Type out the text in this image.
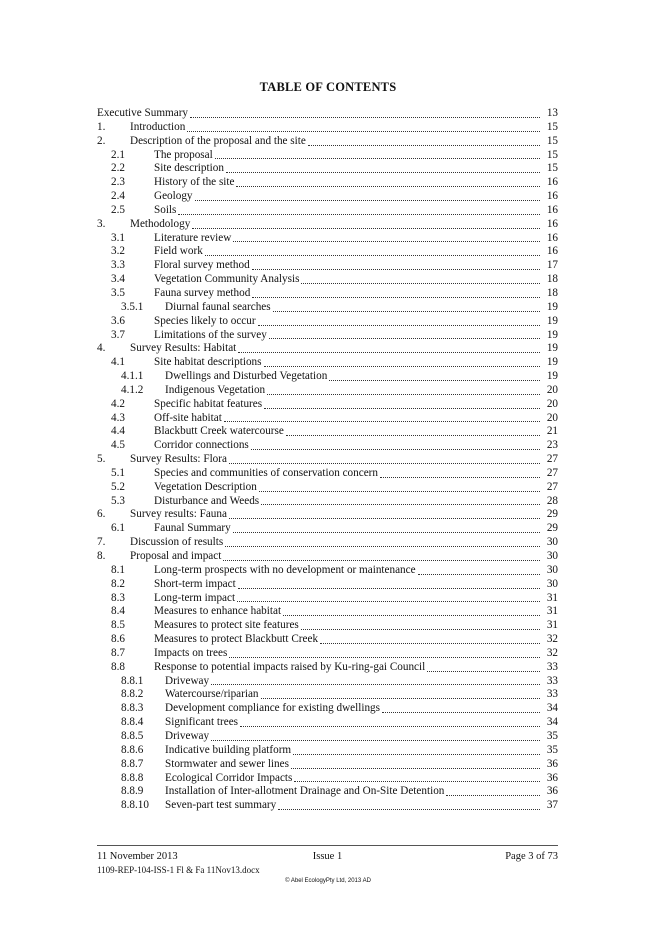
TABLE OF CONTENTS
Executive Summary	13
1.	Introduction	15
2.	Description of the proposal and the site	15
2.1	The proposal	15
2.2	Site description	15
2.3	History of the site	16
2.4	Geology	16
2.5	Soils	16
3.	Methodology	16
3.1	Literature review	16
3.2	Field work	16
3.3	Floral survey method	17
3.4	Vegetation Community Analysis	18
3.5	Fauna survey method	18
3.5.1	Diurnal faunal searches	19
3.6	Species likely to occur	19
3.7	Limitations of the survey	19
4.	Survey Results: Habitat	19
4.1	Site habitat descriptions	19
4.1.1	Dwellings and Disturbed Vegetation	19
4.1.2	Indigenous Vegetation	20
4.2	Specific habitat features	20
4.3	Off-site habitat	20
4.4	Blackbutt Creek watercourse	21
4.5	Corridor connections	23
5.	Survey Results: Flora	27
5.1	Species and communities of conservation concern	27
5.2	Vegetation Description	27
5.3	Disturbance and Weeds	28
6.	Survey results: Fauna	29
6.1	Faunal Summary	29
7.	Discussion of results	30
8.	Proposal and impact	30
8.1	Long-term prospects with no development or maintenance	30
8.2	Short-term impact	30
8.3	Long-term impact	31
8.4	Measures to enhance habitat	31
8.5	Measures to protect site features	31
8.6	Measures to protect Blackbutt Creek	32
8.7	Impacts on trees	32
8.8	Response to potential impacts raised by Ku-ring-gai Council	33
8.8.1	Driveway	33
8.8.2	Watercourse/riparian	33
8.8.3	Development compliance for existing dwellings	34
8.8.4	Significant trees	34
8.8.5	Driveway	35
8.8.6	Indicative building platform	35
8.8.7	Stormwater and sewer lines	36
8.8.8	Ecological Corridor Impacts	36
8.8.9	Installation of Inter-allotment Drainage and On-Site Detention	36
8.8.10	Seven-part test summary	37
11 November 2013	Issue 1	Page 3 of 73
1109-REP-104-ISS-1 Fl & Fa 11Nov13.docx
© Abel EcologyPty Ltd, 2013 AD
